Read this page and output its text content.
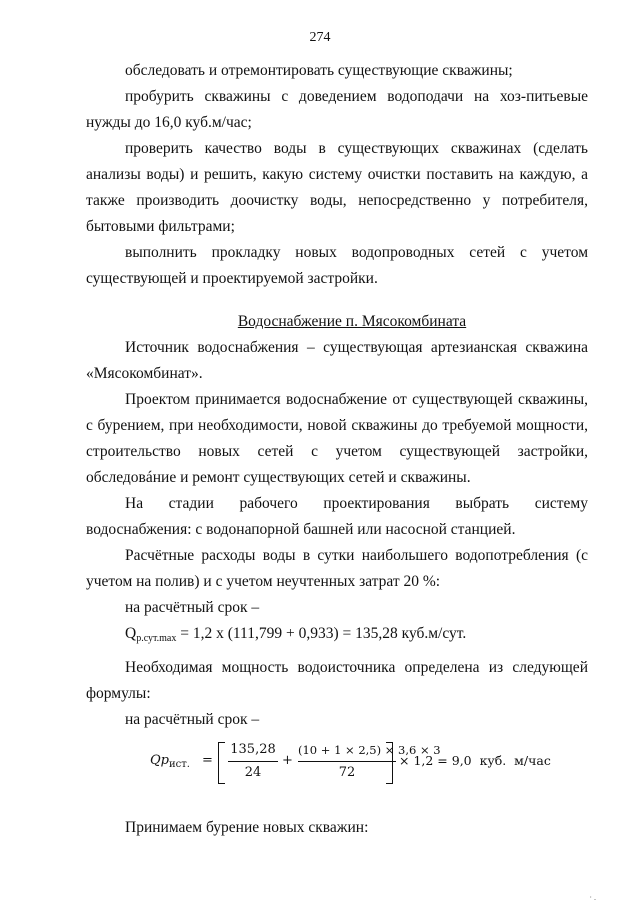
274

обследовать и отремонтировать существующие скважины;

пробурить скважины с доведением водоподачи на хоз-питьевые нужды до 16,0 куб.м/час;

проверить качество воды в существующих скважинах (сделать анализы воды) и решить, какую систему очистки поставить на каждую, а также производить доочистку воды, непосредственно у потребителя, бытовыми фильтрами;

выполнить прокладку новых водопроводных сетей с учетом существующей и проектируемой застройки.

Водоснабжение п. Мясокомбината

Источник водоснабжения – существующая артезианская скважина «Мясокомбинат».

Проектом принимается водоснабжение от существующей скважины, с бурением, при необходимости, новой скважины до требуемой мощности, строительство новых сетей с учетом существующей застройки, обследовáние и ремонт существующих сетей и скважины.

На стадии рабочего проектирования выбрать систему водоснабжения: с водонапорной башней или насосной станцией.

Расчётные расходы воды в сутки наибольшего водопотребления (с учетом на полив) и с учетом неучтенных затрат 20 %:

на расчётный срок –

$Q_{р.сут.max} = 1,2$ х (111,799 + 0,933) = 135,28 куб.м/сут.

Необходимая мощность водоисточника определена из следующей формулы:

на расчётный срок –

$Qp_{ист.}$ =
135,28
24
+
(10 + 1 × 2,5) × 3,6 × 3
72
× 1,2 = 9,0  куб.  м/час

Принимаем бурение новых скважин:

· .
